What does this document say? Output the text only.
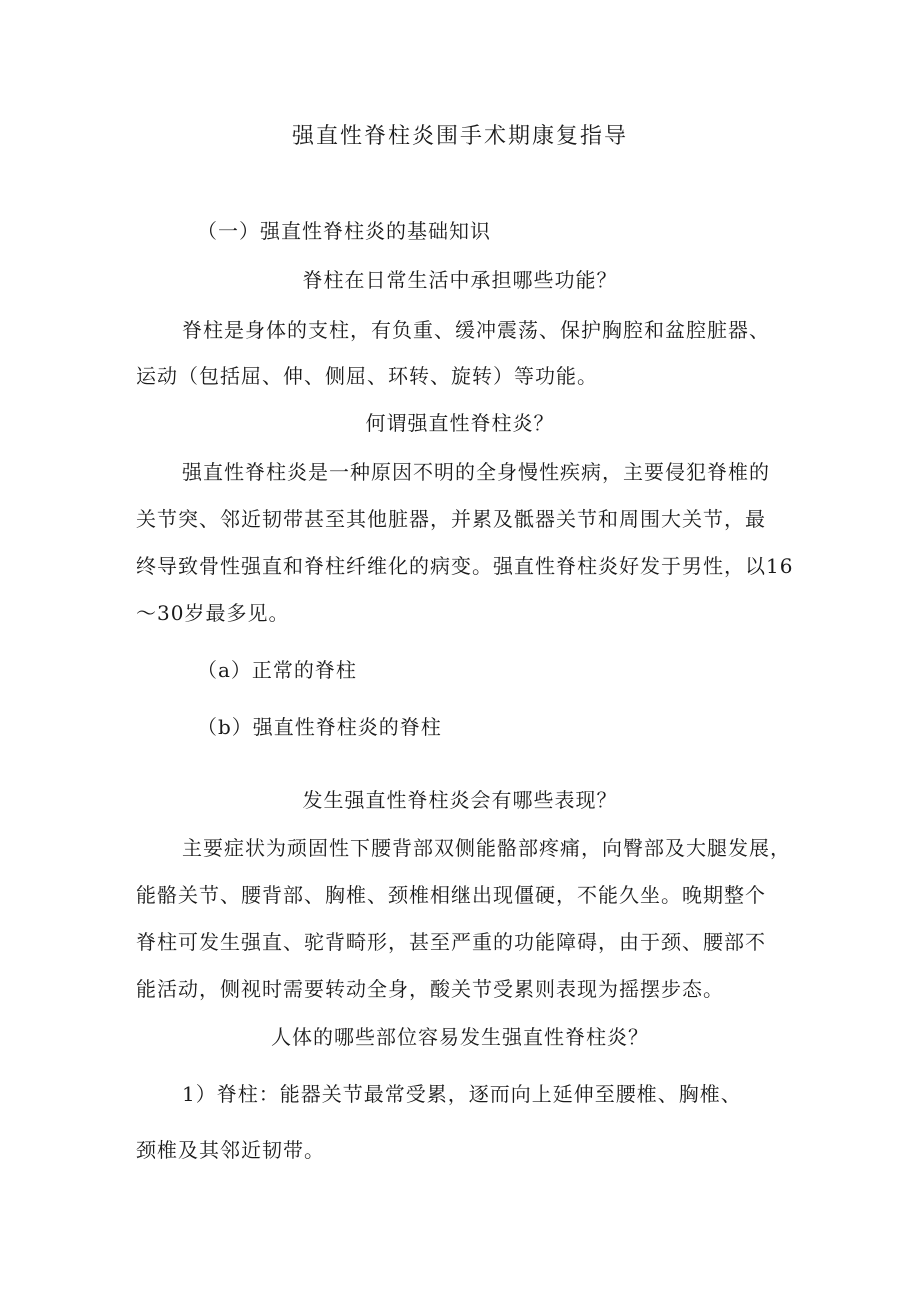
强直性脊柱炎围手术期康复指导
（一）强直性脊柱炎的基础知识
脊柱在日常生活中承担哪些功能？
脊柱是身体的支柱，有负重、缓冲震荡、保护胸腔和盆腔脏器、
运动（包括屈、伸、侧屈、环转、旋转）等功能。
何谓强直性脊柱炎？
强直性脊柱炎是一种原因不明的全身慢性疾病，主要侵犯脊椎的
关节突、邻近韧带甚至其他脏器，并累及骶器关节和周围大关节，最
终导致骨性强直和脊柱纤维化的病变。强直性脊柱炎好发于男性，以16
～30岁最多见。
（a）正常的脊柱
（b）强直性脊柱炎的脊柱
发生强直性脊柱炎会有哪些表现？
主要症状为顽固性下腰背部双侧能骼部疼痛，向臀部及大腿发展，
能骼关节、腰背部、胸椎、颈椎相继出现僵硬，不能久坐。晚期整个
脊柱可发生强直、驼背畸形，甚至严重的功能障碍，由于颈、腰部不
能活动，侧视时需要转动全身，酸关节受累则表现为摇摆步态。
人体的哪些部位容易发生强直性脊柱炎？
1）脊柱：能器关节最常受累，逐而向上延伸至腰椎、胸椎、
颈椎及其邻近韧带。
